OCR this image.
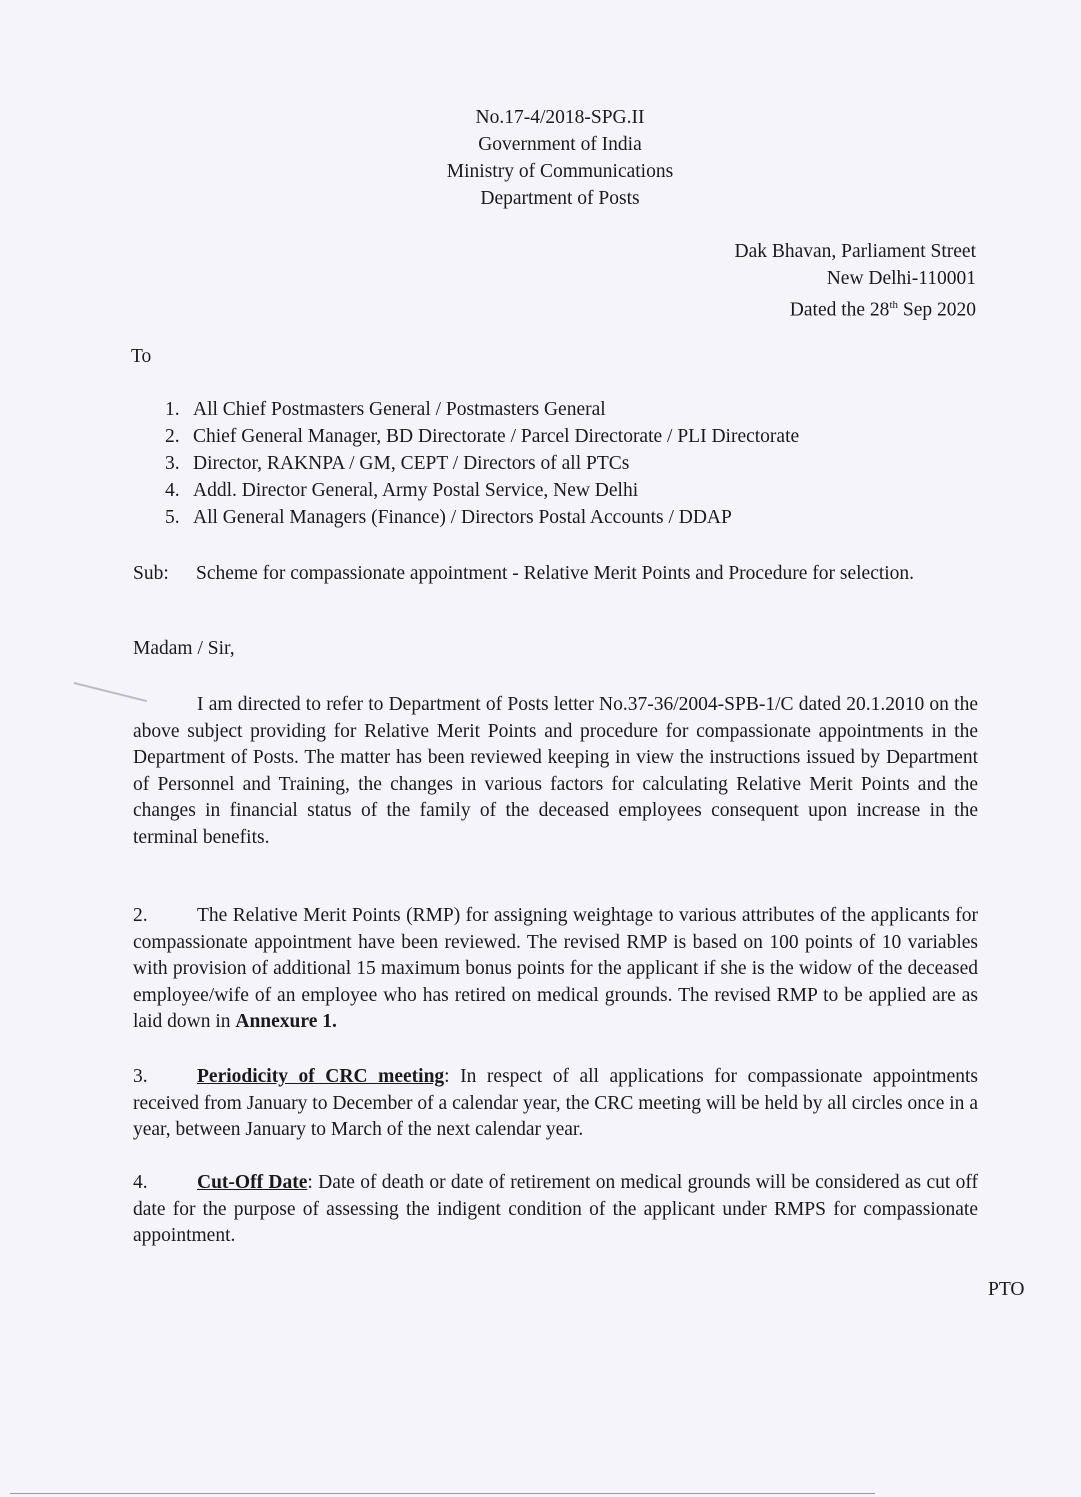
No.17-4/2018-SPG.II
Government of India
Ministry of Communications
Department of Posts
Dak Bhavan, Parliament Street
New Delhi-110001
Dated the 28th Sep 2020
To
1. All Chief Postmasters General / Postmasters General
2. Chief General Manager, BD Directorate / Parcel Directorate / PLI Directorate
3. Director, RAKNPA / GM, CEPT / Directors of all PTCs
4. Addl. Director General, Army Postal Service, New Delhi
5. All General Managers (Finance) / Directors Postal Accounts / DDAP
Sub:	Scheme for compassionate appointment - Relative Merit Points and Procedure for selection.
Madam / Sir,
I am directed to refer to Department of Posts letter No.37-36/2004-SPB-1/C dated 20.1.2010 on the above subject providing for Relative Merit Points and procedure for compassionate appointments in the Department of Posts. The matter has been reviewed keeping in view the instructions issued by Department of Personnel and Training, the changes in various factors for calculating Relative Merit Points and the changes in financial status of the family of the deceased employees consequent upon increase in the terminal benefits.
2.	The Relative Merit Points (RMP) for assigning weightage to various attributes of the applicants for compassionate appointment have been reviewed. The revised RMP is based on 100 points of 10 variables with provision of additional 15 maximum bonus points for the applicant if she is the widow of the deceased employee/wife of an employee who has retired on medical grounds. The revised RMP to be applied are as laid down in Annexure 1.
3.	Periodicity of CRC meeting: In respect of all applications for compassionate appointments received from January to December of a calendar year, the CRC meeting will be held by all circles once in a year, between January to March of the next calendar year.
4.	Cut-Off Date: Date of death or date of retirement on medical grounds will be considered as cut off date for the purpose of assessing the indigent condition of the applicant under RMPS for compassionate appointment.
PTO
